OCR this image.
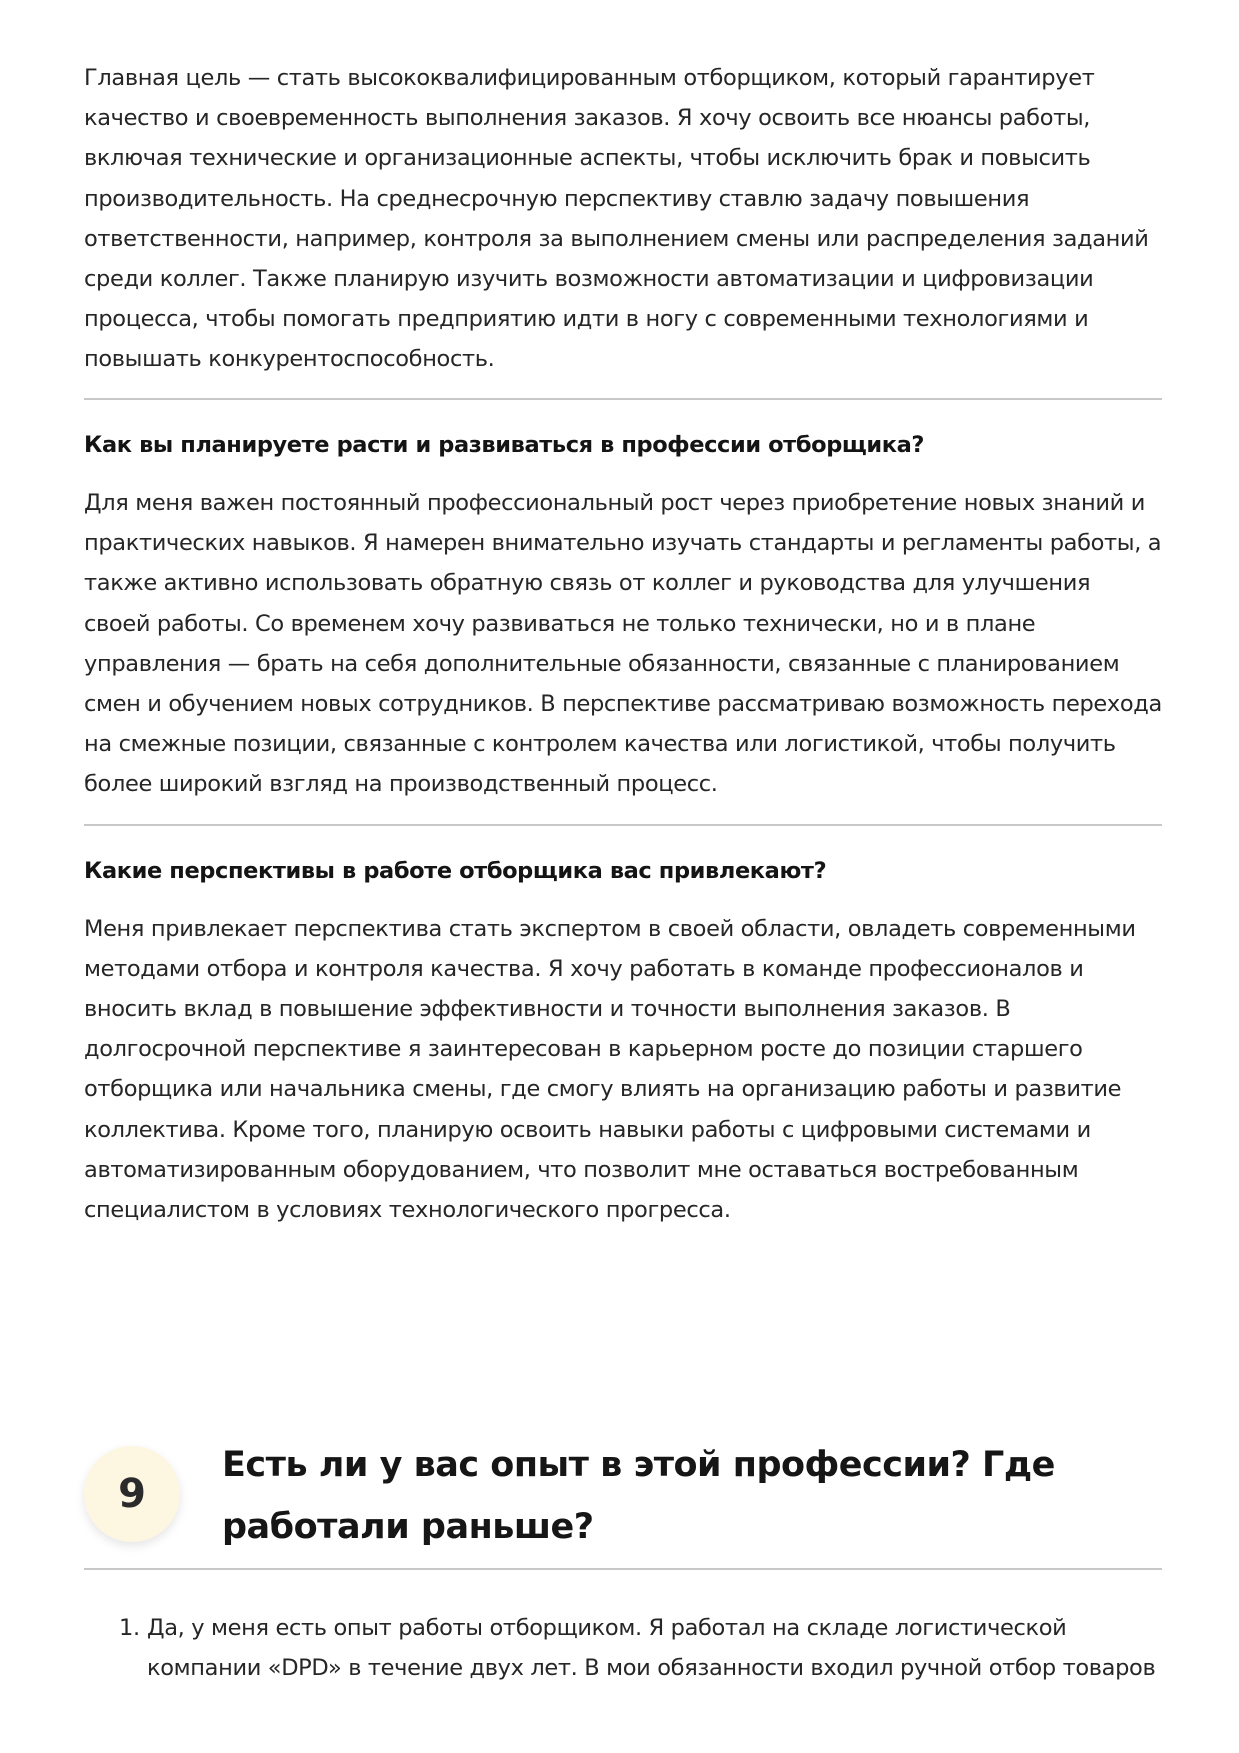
Главная цель — стать высококвалифицированным отборщиком, который гарантирует качество и своевременность выполнения заказов. Я хочу освоить все нюансы работы, включая технические и организационные аспекты, чтобы исключить брак и повысить производительность. На среднесрочную перспективу ставлю задачу повышения ответственности, например, контроля за выполнением смены или распределения заданий среди коллег. Также планирую изучить возможности автоматизации и цифровизации процесса, чтобы помогать предприятию идти в ногу с современными технологиями и повышать конкурентоспособность.

Как вы планируете расти и развиваться в профессии отборщика?

Для меня важен постоянный профессиональный рост через приобретение новых знаний и практических навыков. Я намерен внимательно изучать стандарты и регламенты работы, а также активно использовать обратную связь от коллег и руководства для улучшения своей работы. Со временем хочу развиваться не только технически, но и в плане управления — брать на себя дополнительные обязанности, связанные с планированием смен и обучением новых сотрудников. В перспективе рассматриваю возможность перехода на смежные позиции, связанные с контролем качества или логистикой, чтобы получить более широкий взгляд на производственный процесс.

Какие перспективы в работе отборщика вас привлекают?

Меня привлекает перспектива стать экспертом в своей области, овладеть современными методами отбора и контроля качества. Я хочу работать в команде профессионалов и вносить вклад в повышение эффективности и точности выполнения заказов. В долгосрочной перспективе я заинтересован в карьерном росте до позиции старшего отборщика или начальника смены, где смогу влиять на организацию работы и развитие коллектива. Кроме того, планирую освоить навыки работы с цифровыми системами и автоматизированным оборудованием, что позволит мне оставаться востребованным специалистом в условиях технологического прогресса.

9
Есть ли у вас опыт в этой профессии? Где работали раньше?
1. Да, у меня есть опыт работы отборщиком. Я работал на складе логистической компании «DPD» в течение двух лет. В мои обязанности входил ручной отбор товаров
